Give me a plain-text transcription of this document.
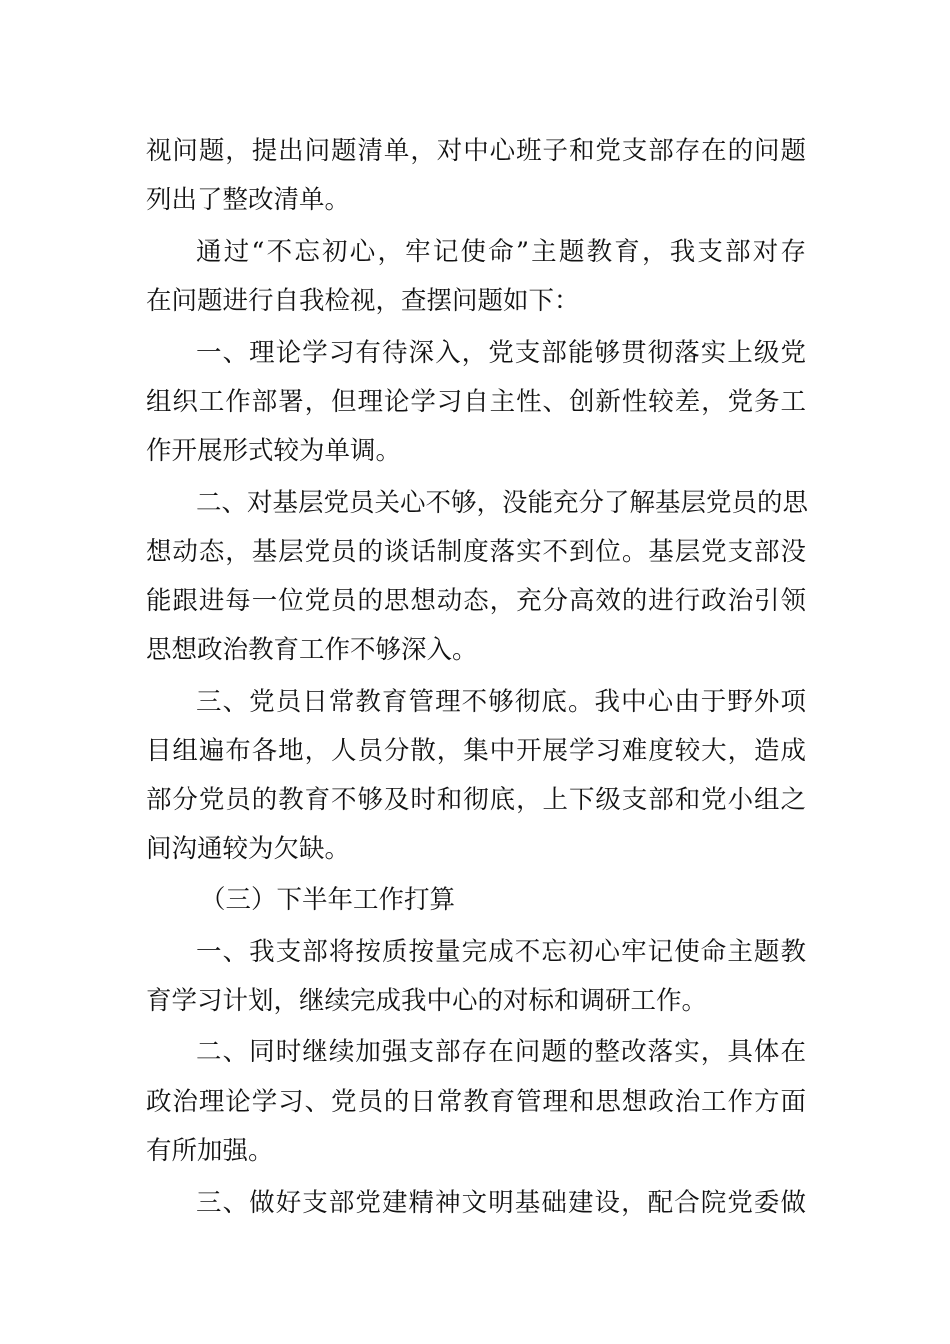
视问题，提出问题清单，对中心班子和党支部存在的问题
列出了整改清单。
通过“不忘初心，牢记使命”主题教育，我支部对存
在问题进行自我检视，查摆问题如下：
一、理论学习有待深入，党支部能够贯彻落实上级党
组织工作部署，但理论学习自主性、创新性较差，党务工
作开展形式较为单调。
二、对基层党员关心不够，没能充分了解基层党员的思
想动态，基层党员的谈话制度落实不到位。基层党支部没
能跟进每一位党员的思想动态，充分高效的进行政治引领
思想政治教育工作不够深入。
三、党员日常教育管理不够彻底。我中心由于野外项
目组遍布各地，人员分散，集中开展学习难度较大，造成
部分党员的教育不够及时和彻底，上下级支部和党小组之
间沟通较为欠缺。
（三）下半年工作打算
一、我支部将按质按量完成不忘初心牢记使命主题教
育学习计划，继续完成我中心的对标和调研工作。
二、同时继续加强支部存在问题的整改落实，具体在
政治理论学习、党员的日常教育管理和思想政治工作方面
有所加强。
三、做好支部党建精神文明基础建设，配合院党委做
